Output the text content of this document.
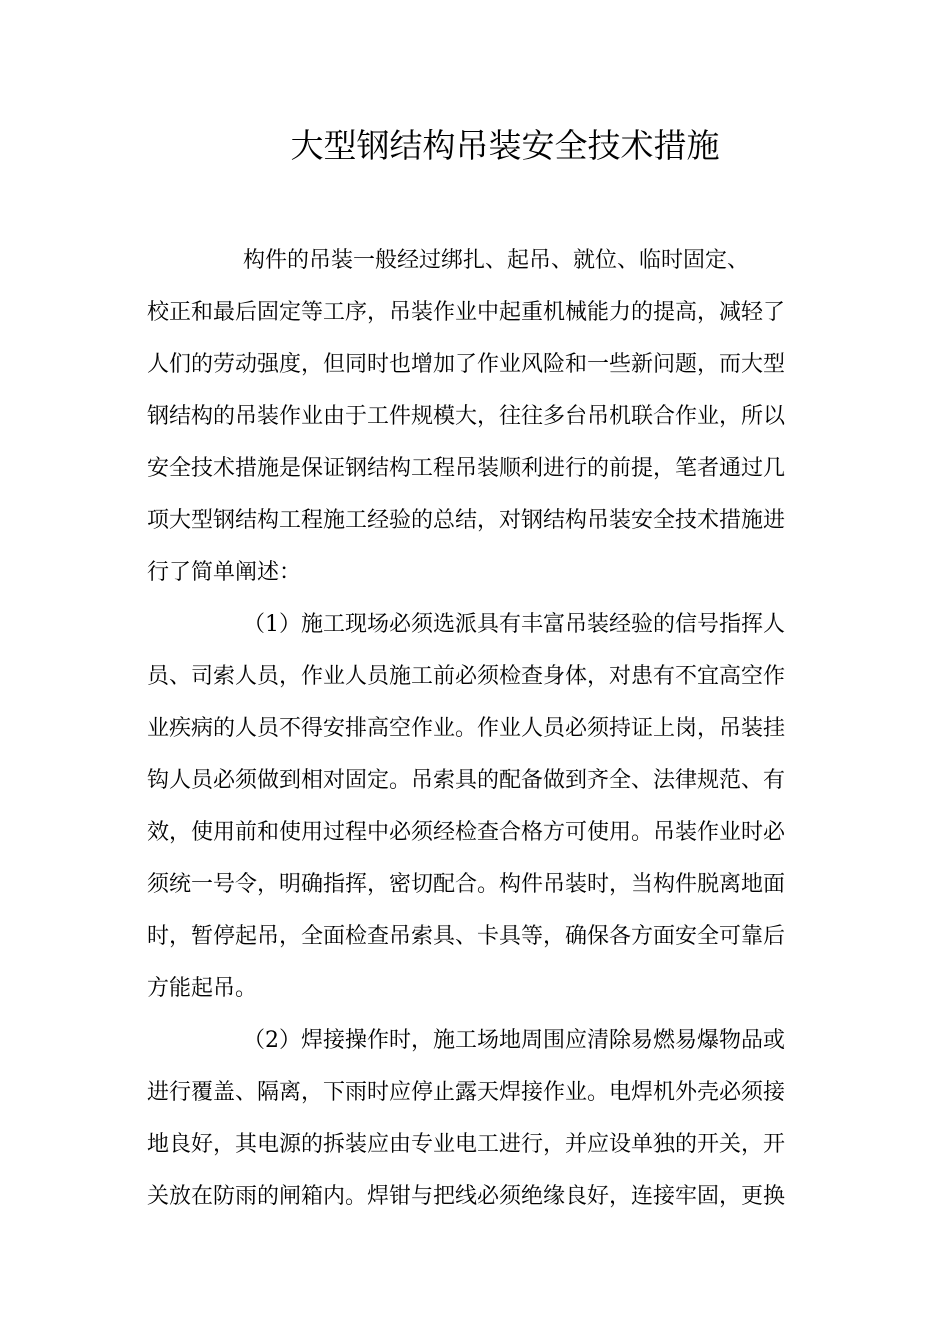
大型钢结构吊装安全技术措施
构件的吊装一般经过绑扎、起吊、就位、临时固定、
校正和最后固定等工序，吊装作业中起重机械能力的提高，减轻了
人们的劳动强度，但同时也增加了作业风险和一些新问题，而大型
钢结构的吊装作业由于工件规模大，往往多台吊机联合作业，所以
安全技术措施是保证钢结构工程吊装顺利进行的前提，笔者通过几
项大型钢结构工程施工经验的总结，对钢结构吊装安全技术措施进
行了简单阐述：
（1）施工现场必须选派具有丰富吊装经验的信号指挥人
员、司索人员，作业人员施工前必须检查身体，对患有不宜高空作
业疾病的人员不得安排高空作业。作业人员必须持证上岗，吊装挂
钩人员必须做到相对固定。吊索具的配备做到齐全、法律规范、有
效，使用前和使用过程中必须经检查合格方可使用。吊装作业时必
须统一号令，明确指挥，密切配合。构件吊装时，当构件脱离地面
时，暂停起吊，全面检查吊索具、卡具等，确保各方面安全可靠后
方能起吊。
（2）焊接操作时，施工场地周围应清除易燃易爆物品或
进行覆盖、隔离，下雨时应停止露天焊接作业。电焊机外壳必须接
地良好，其电源的拆装应由专业电工进行，并应设单独的开关，开
关放在防雨的闸箱内。焊钳与把线必须绝缘良好，连接牢固，更换
